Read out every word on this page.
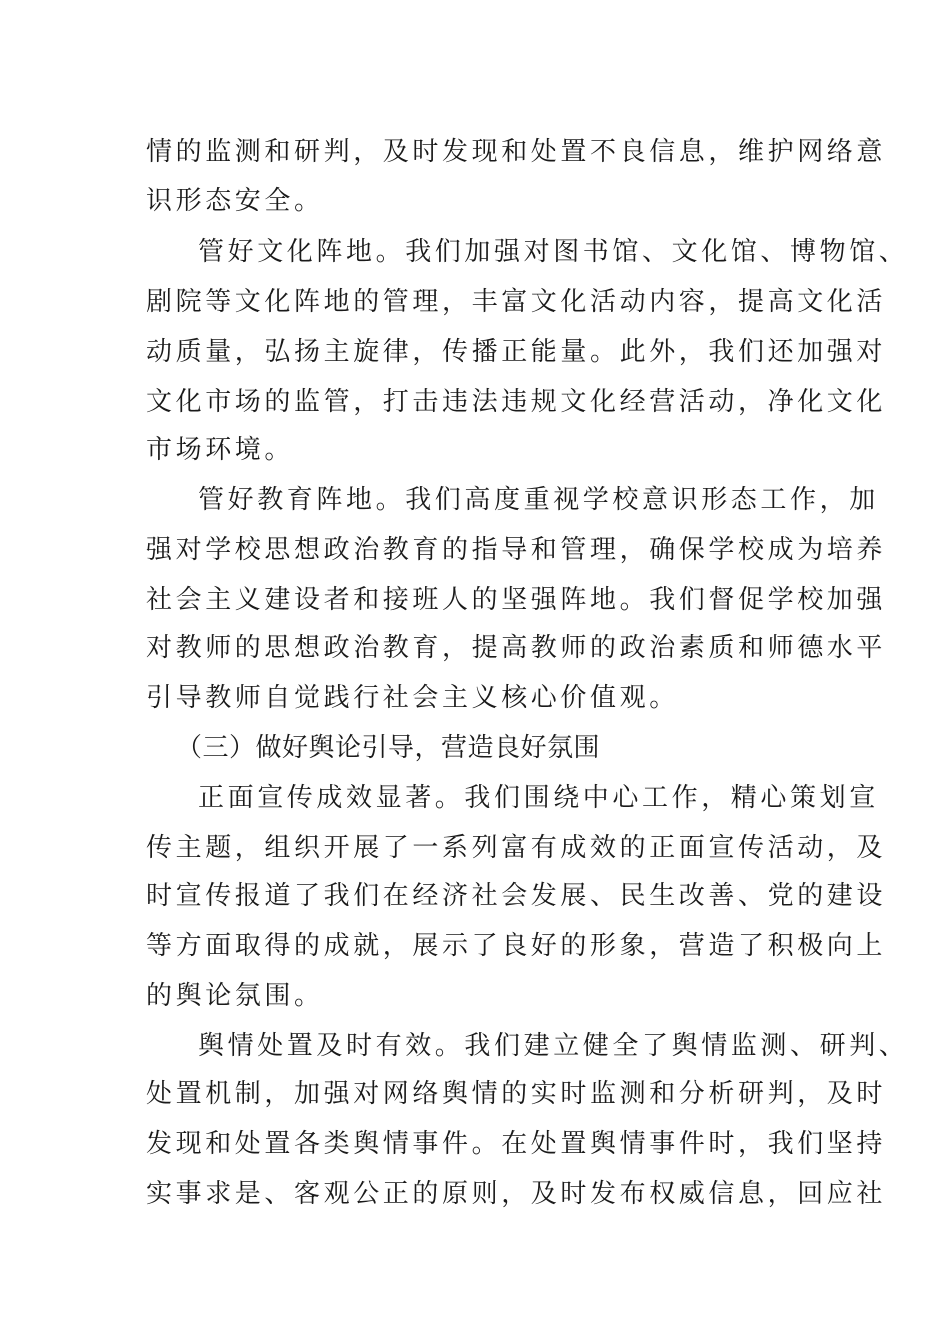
情的监测和研判，及时发现和处置不良信息，维护网络意
识形态安全。
管好文化阵地。我们加强对图书馆、文化馆、博物馆、
剧院等文化阵地的管理，丰富文化活动内容，提高文化活
动质量，弘扬主旋律，传播正能量。此外，我们还加强对
文化市场的监管，打击违法违规文化经营活动，净化文化
市场环境。
管好教育阵地。我们高度重视学校意识形态工作，加
强对学校思想政治教育的指导和管理，确保学校成为培养
社会主义建设者和接班人的坚强阵地。我们督促学校加强
对教师的思想政治教育，提高教师的政治素质和师德水平
引导教师自觉践行社会主义核心价值观。
（三）做好舆论引导，营造良好氛围
正面宣传成效显著。我们围绕中心工作，精心策划宣
传主题，组织开展了一系列富有成效的正面宣传活动，及
时宣传报道了我们在经济社会发展、民生改善、党的建设
等方面取得的成就，展示了良好的形象，营造了积极向上
的舆论氛围。
舆情处置及时有效。我们建立健全了舆情监测、研判、
处置机制，加强对网络舆情的实时监测和分析研判，及时
发现和处置各类舆情事件。在处置舆情事件时，我们坚持
实事求是、客观公正的原则，及时发布权威信息，回应社
